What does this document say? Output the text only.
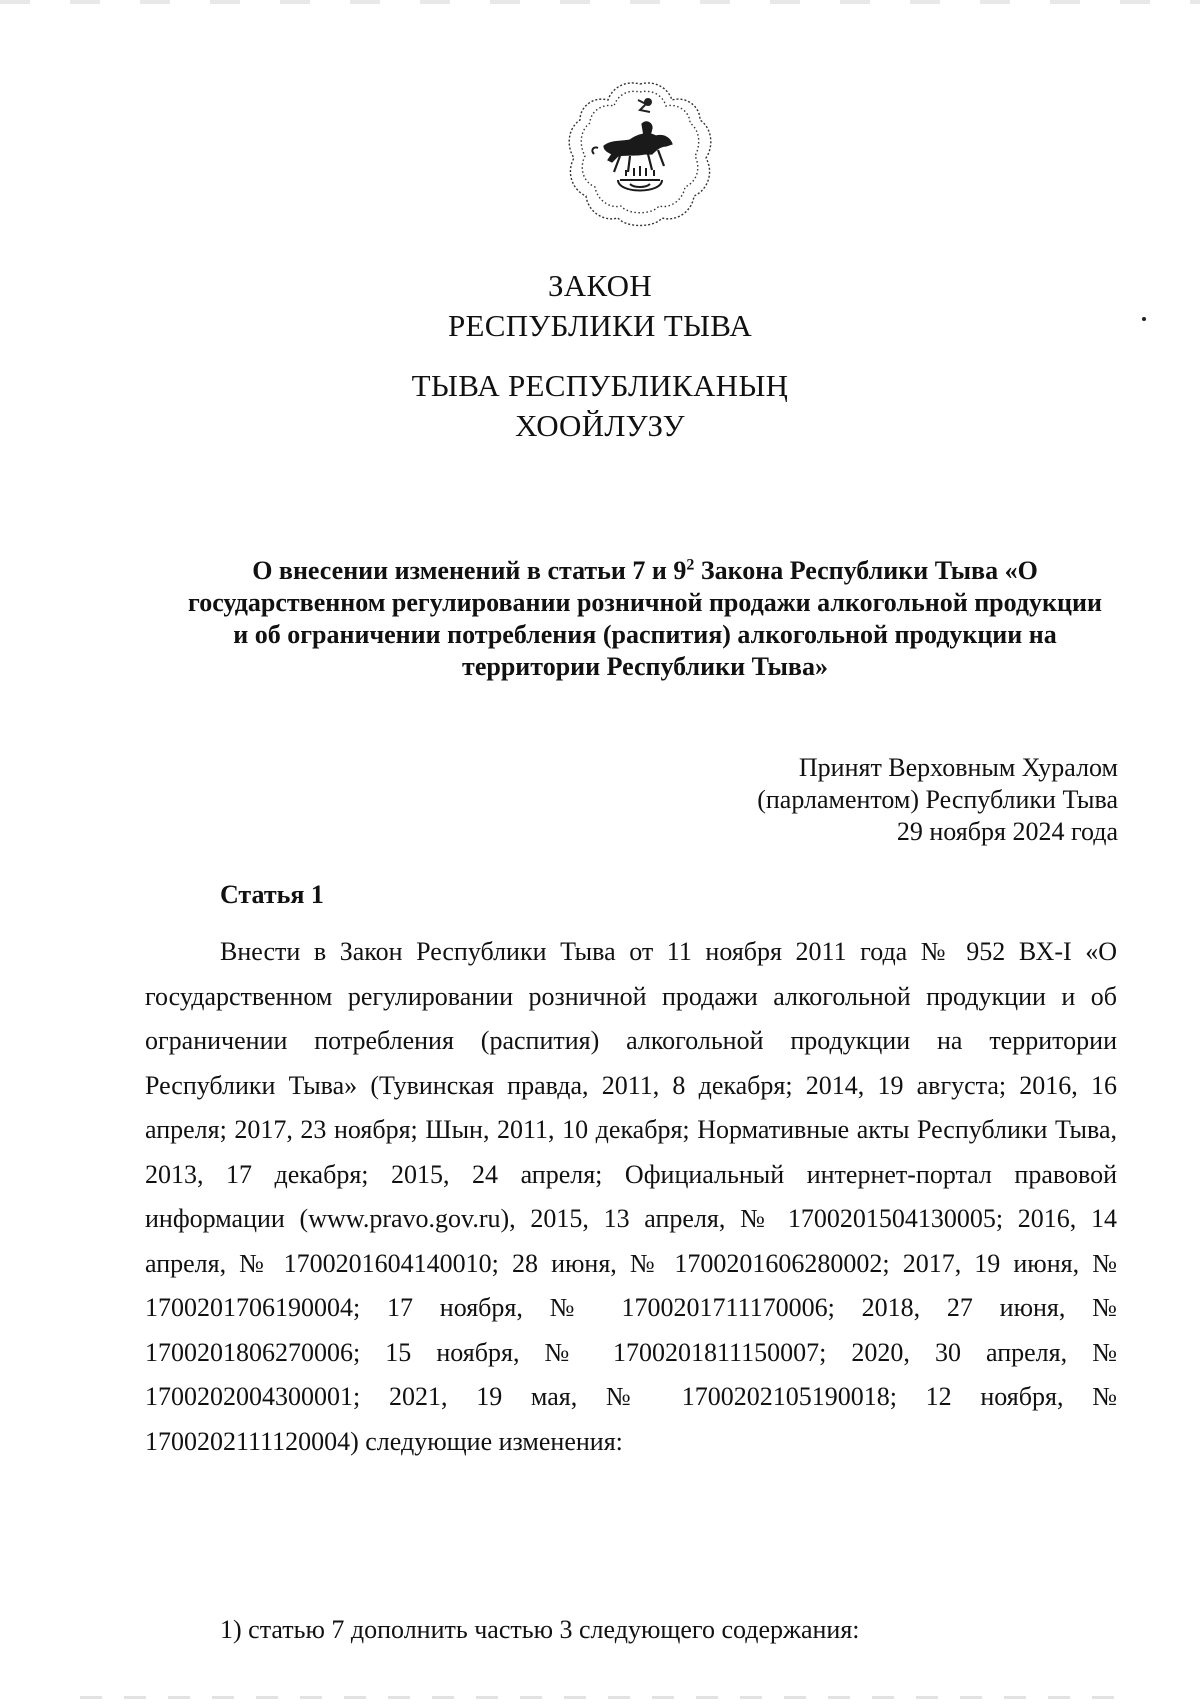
ЗАКОН
РЕСПУБЛИКИ ТЫВА
ТЫВА РЕСПУБЛИКАНЫҢ
ХООЙЛУЗУ
О внесении изменений в статьи 7 и $9^2$ Закона Республики Тыва «О государственном регулировании розничной продажи алкогольной продукции и об ограничении потребления (распития) алкогольной продукции на территории Республики Тыва»
Принят Верховным Хуралом
(парламентом) Республики Тыва
29 ноября 2024 года
Статья 1

Внести в Закон Республики Тыва от 11 ноября 2011 года № 952 ВХ-I «О государственном регулировании розничной продажи алкогольной продукции и об ограничении потребления (распития) алкогольной продукции на территории Республики Тыва» (Тувинская правда, 2011, 8 декабря; 2014, 19 августа; 2016, 16 апреля; 2017, 23 ноября; Шын, 2011, 10 декабря; Нормативные акты Республики Тыва, 2013, 17 декабря; 2015, 24 апреля; Официальный интернет-портал правовой информации (www.pravo.gov.ru), 2015, 13 апреля, № 1700201504130005; 2016, 14 апреля, № 1700201604140010; 28 июня, № 1700201606280002; 2017, 19 июня, № 1700201706190004; 17 ноября, № 1700201711170006; 2018, 27 июня, № 1700201806270006; 15 ноября, № 1700201811150007; 2020, 30 апреля, № 1700202004300001; 2021, 19 мая, № 1700202105190018; 12 ноября, № 1700202111120004) следующие изменения:

1) статью 7 дополнить частью 3 следующего содержания:
